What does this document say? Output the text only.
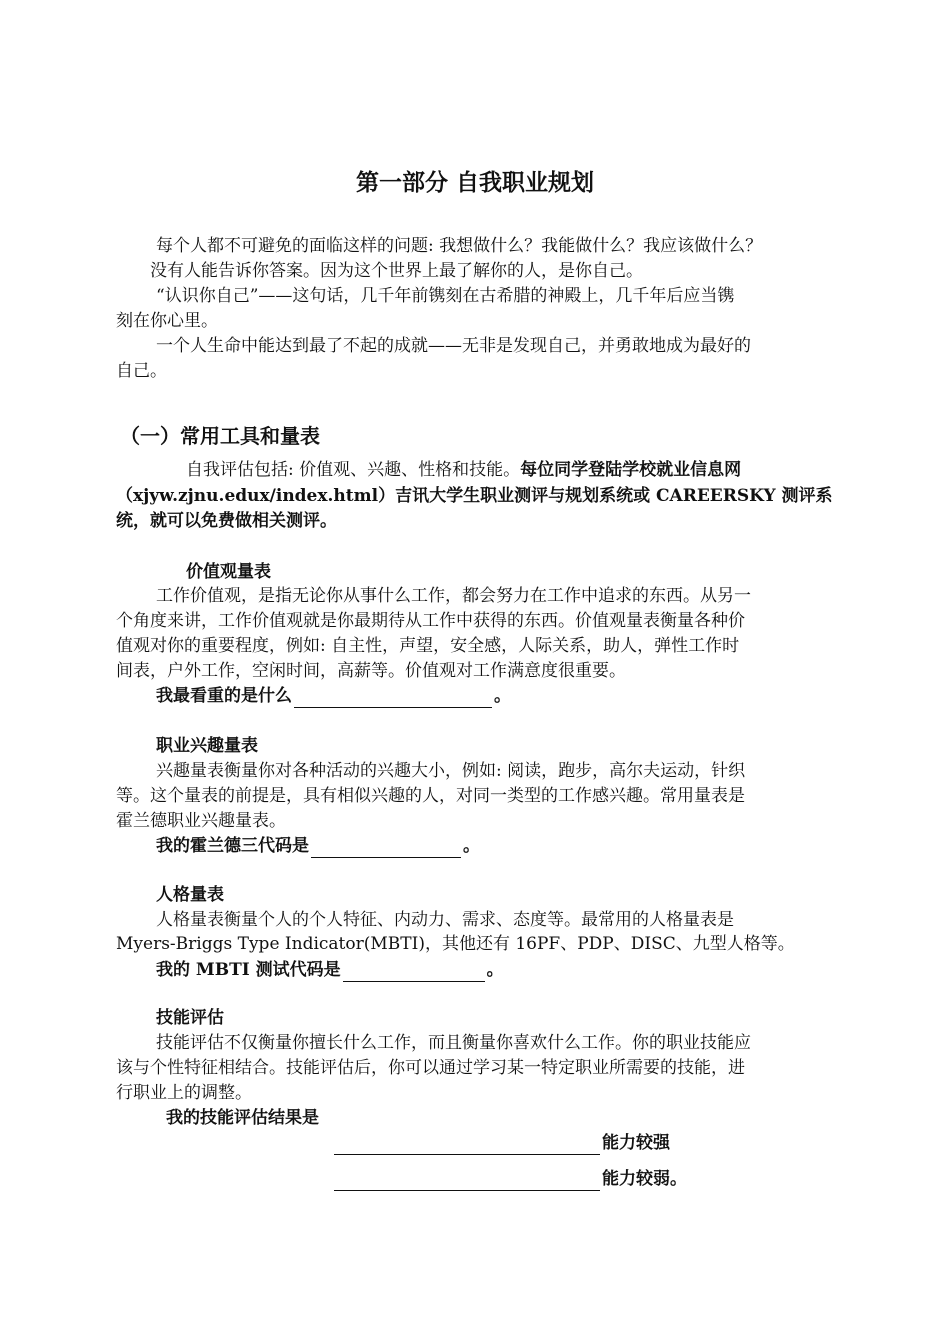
第一部分 自我职业规划
每个人都不可避免的面临这样的问题: 我想做什么？我能做什么？我应该做什么？
没有人能告诉你答案。因为这个世界上最了解你的人，是你自己。
“认识你自己”——这句话，几千年前镌刻在古希腊的神殿上，几千年后应当镌
刻在你心里。
一个人生命中能达到最了不起的成就——无非是发现自己，并勇敢地成为最好的
自己。
（一）常用工具和量表
自我评估包括: 价值观、兴趣、性格和技能。每位同学登陆学校就业信息网
（xjyw.zjnu.edux/index.html）吉讯大学生职业测评与规划系统或 CAREERSKY 测评系
统，就可以免费做相关测评。
价值观量表
工作价值观，是指无论你从事什么工作，都会努力在工作中追求的东西。从另一
个角度来讲，工作价值观就是你最期待从工作中获得的东西。价值观量表衡量各种价
值观对你的重要程度，例如: 自主性，声望，安全感，人际关系，助人，弹性工作时
间表，户外工作，空闲时间，高薪等。价值观对工作满意度很重要。
我最看重的是什么	。
职业兴趣量表
兴趣量表衡量你对各种活动的兴趣大小，例如: 阅读，跑步，高尔夫运动，针织
等。这个量表的前提是，具有相似兴趣的人，对同一类型的工作感兴趣。常用量表是
霍兰德职业兴趣量表。
我的霍兰德三代码是	。
人格量表
人格量表衡量个人的个人特征、内动力、需求、态度等。最常用的人格量表是
Myers-Briggs Type Indicator(MBTI)，其他还有 16PF、PDP、DISC、九型人格等。
我的 MBTI 测试代码是	。
技能评估
技能评估不仅衡量你擅长什么工作，而且衡量你喜欢什么工作。你的职业技能应
该与个性特征相结合。技能评估后，你可以通过学习某一特定职业所需要的技能，进
行职业上的调整。
我的技能评估结果是
能力较强
能力较弱。
